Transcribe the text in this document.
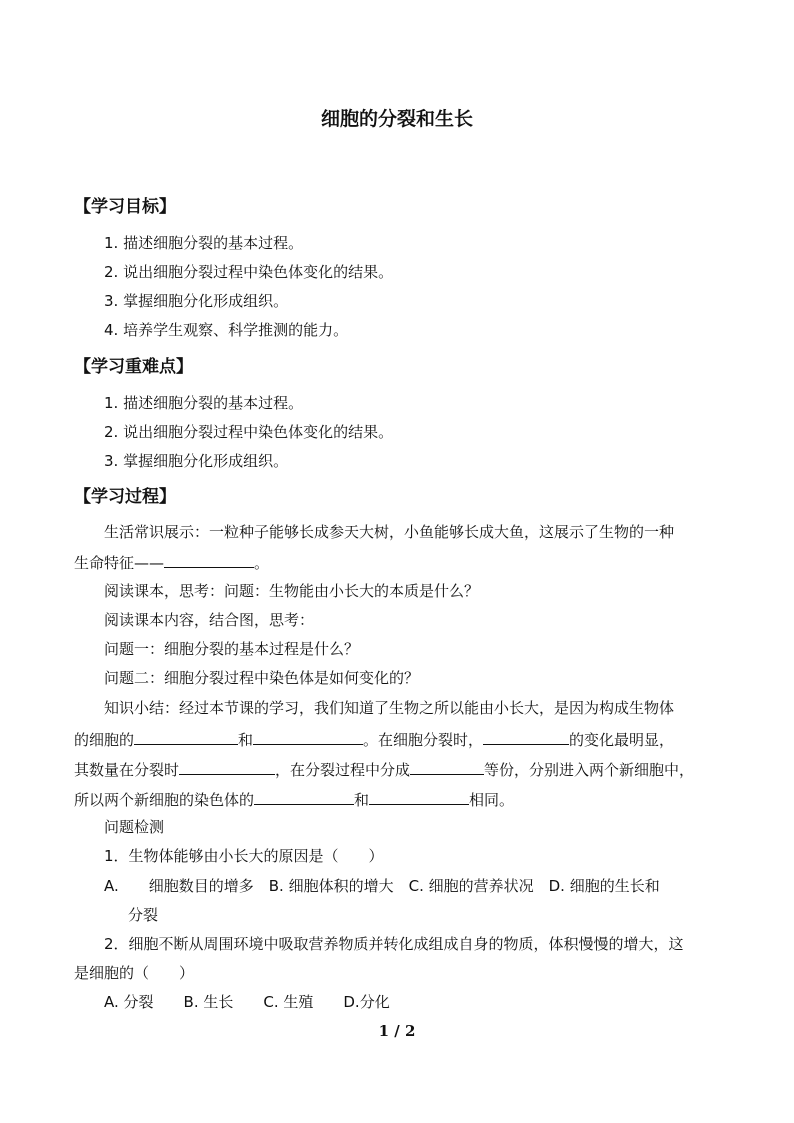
细胞的分裂和生长
【学习目标】
1. 描述细胞分裂的基本过程。
2. 说出细胞分裂过程中染色体变化的结果。
3. 掌握细胞分化形成组织。
4. 培养学生观察、科学推测的能力。
【学习重难点】
1. 描述细胞分裂的基本过程。
2. 说出细胞分裂过程中染色体变化的结果。
3. 掌握细胞分化形成组织。
【学习过程】
生活常识展示：一粒种子能够长成参天大树，小鱼能够长成大鱼，这展示了生物的一种
生命特征——	。
阅读课本，思考：问题：生物能由小长大的本质是什么？
阅读课本内容，结合图，思考：
问题一：细胞分裂的基本过程是什么？
问题二：细胞分裂过程中染色体是如何变化的？
知识小结：经过本节课的学习，我们知道了生物之所以能由小长大，是因为构成生物体
的细胞的	和	。在细胞分裂时，	的变化最明显，
其数量在分裂时	，在分裂过程中分成	等份，分别进入两个新细胞中，
所以两个新细胞的染色体的	和	相同。
问题检测
1．生物体能够由小长大的原因是（　　）
A.　　细胞数目的增多　B. 细胞体积的增大　C. 细胞的营养状况　D. 细胞的生长和
分裂
2．细胞不断从周围环境中吸取营养物质并转化成组成自身的物质，体积慢慢的增大，这
是细胞的（　　）
A. 分裂　　B. 生长　　C. 生殖　　D.分化
1 / 2
